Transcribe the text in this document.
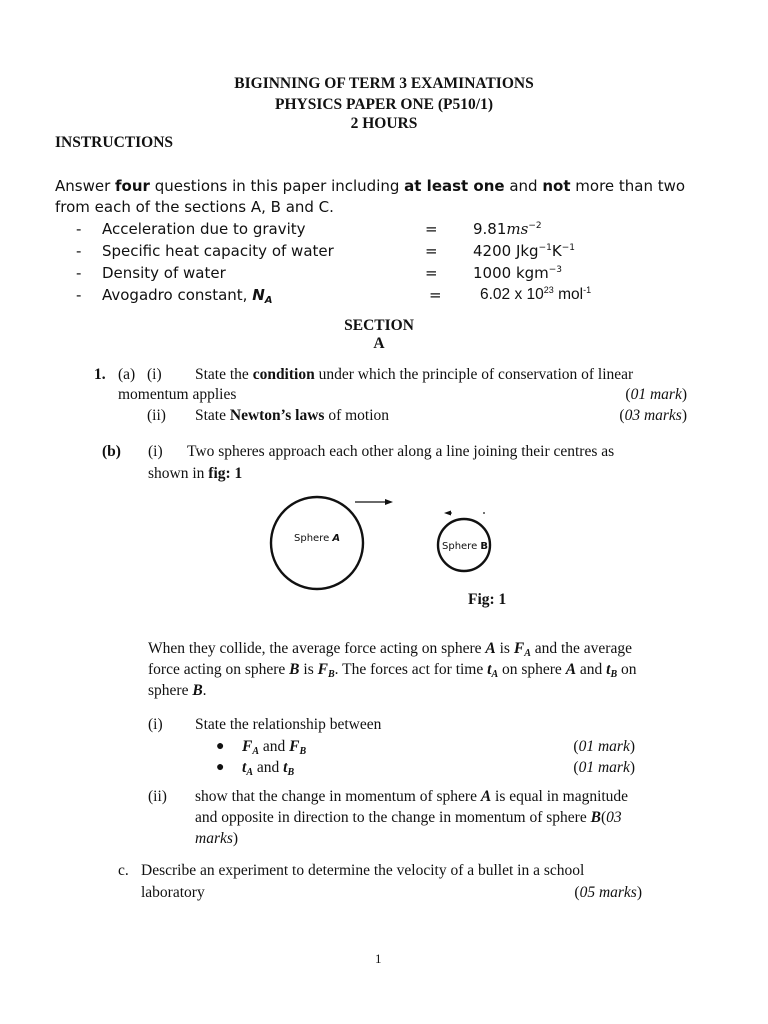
BIGINNING OF TERM 3 EXAMINATIONS
PHYSICS PAPER ONE (P510/1)
2 HOURS
INSTRUCTIONS
Answer four questions in this paper including at least one and not more than two
from each of the sections A, B and C.
- Acceleration due to gravity	= $9.81ms^{-2}$
- Specific heat capacity of water	= 4200 $Jkg^{-1}K^{-1}$
- Density of water	= 1000 kgm$^{-3}$
- Avogadro constant, $N_A$	= 6.02 x $10^{23}$ mol$^{-1}$
SECTION
A
1. (a) (i) State the condition under which the principle of conservation of linear
momentum applies	(01 mark)
(ii) State Newton’s laws of motion	(03 marks)
(b) (i) Two spheres approach each other along a line joining their centres as
shown in fig: 1
Sphere A
Sphere B
Fig: 1
When they collide, the average force acting on sphere A is $F_A$ and the average
force acting on sphere B is $F_B$. The forces act for time $t_A$ on sphere A and $t_B$ on
sphere B.
(i) State the relationship between
● $F_A$ and $F_B$	(01 mark)
● $t_A$ and $t_B$	(01 mark)
(ii) show that the change in momentum of sphere A is equal in magnitude
and opposite in direction to the change in momentum of sphere B(03
marks)
c. Describe an experiment to determine the velocity of a bullet in a school
laboratory	(05 marks)
1
